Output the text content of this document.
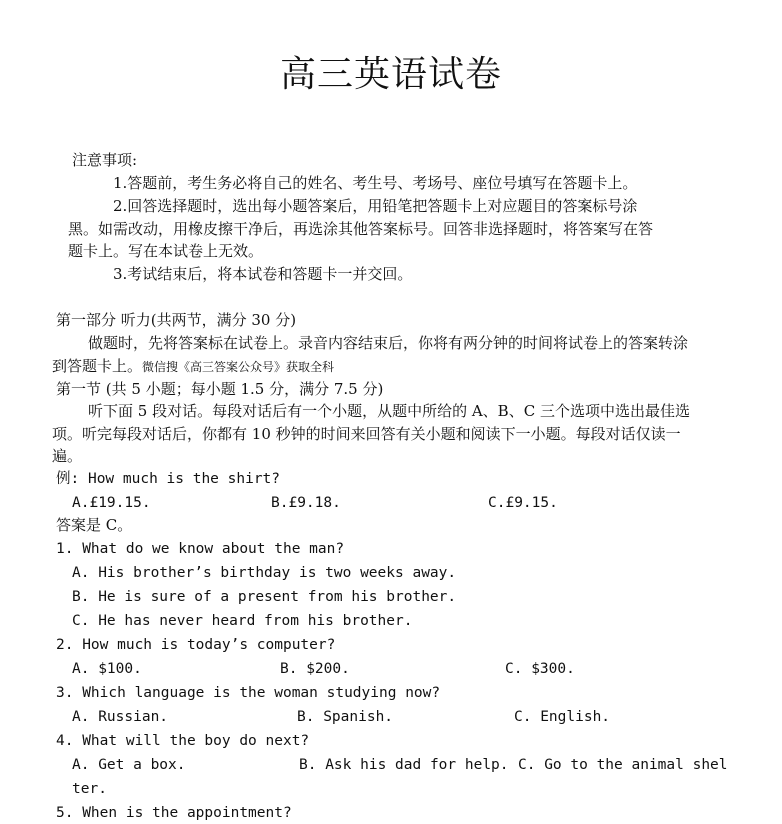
高三英语试卷
注意事项:
1.答题前，考生务必将自己的姓名、考生号、考场号、座位号填写在答题卡上。
2.回答选择题时，选出每小题答案后，用铅笔把答题卡上对应题目的答案标号涂
黑。如需改动，用橡皮擦干净后，再选涂其他答案标号。回答非选择题时，将答案写在答
题卡上。写在本试卷上无效。
3.考试结束后，将本试卷和答题卡一并交回。
第一部分 听力(共两节，满分 30 分)
做题时，先将答案标在试卷上。录音内容结束后，你将有两分钟的时间将试卷上的答案转涂
到答题卡上。微信搜《高三答案公众号》获取全科
第一节 (共 5 小题；每小题 1.5 分，满分 7.5 分)
听下面 5 段对话。每段对话后有一个小题，从题中所给的 A、B、C 三个选项中选出最佳选
项。听完每段对话后，你都有 10 秒钟的时间来回答有关小题和阅读下一小题。每段对话仅读一
遍。
例: How much is the shirt?
A.£19.15.	B.£9.18.	C.£9.15.
答案是 C。
1. What do we know about the man?
A. His brother’s birthday is two weeks away.
B. He is sure of a present from his brother.
C. He has never heard from his brother.
2. How much is today’s computer?
A. $100.	B. $200.	C. $300.
3. Which language is the woman studying now?
A. Russian.	B. Spanish.	C. English.
4. What will the boy do next?
A. Get a box.	B. Ask his dad for help. C. Go to the animal shel
ter.
5. When is the appointment?
